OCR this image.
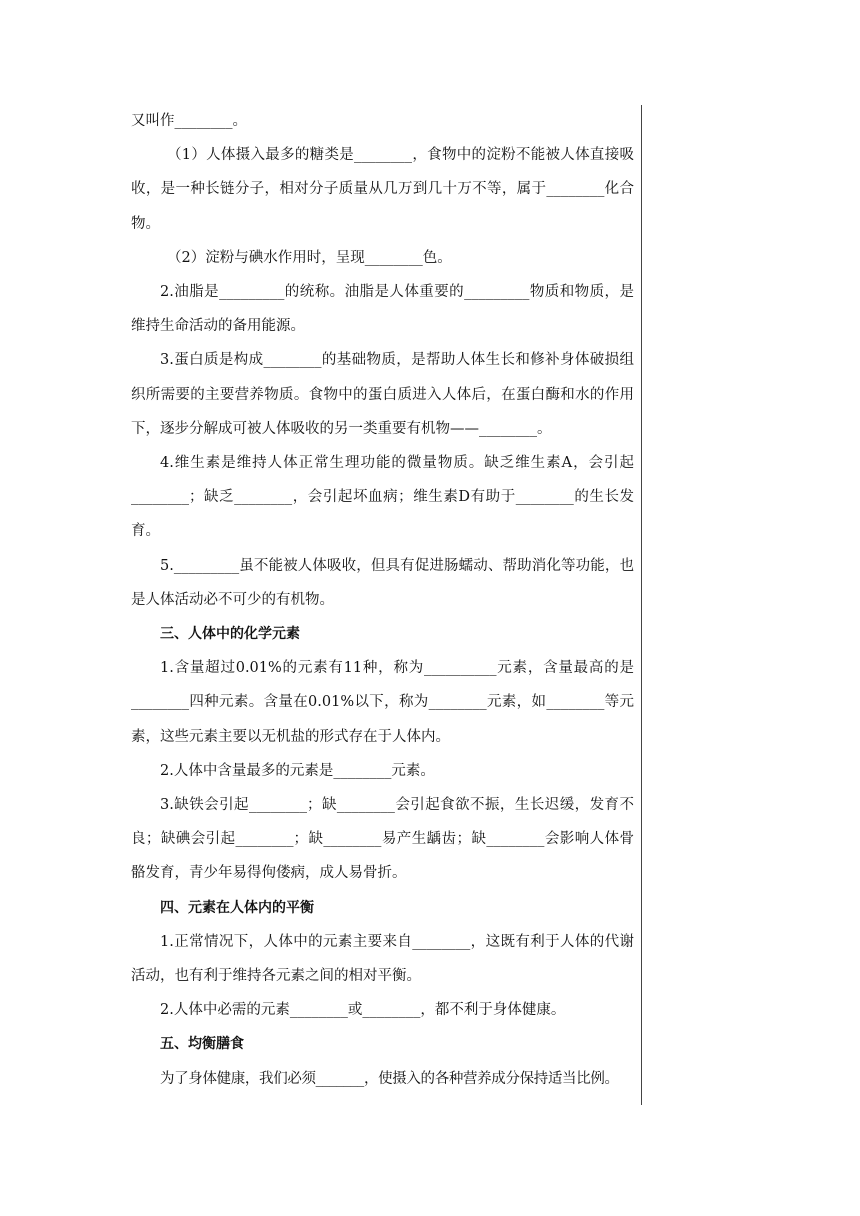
又叫作________。

（1）人体摄入最多的糖类是________，食物中的淀粉不能被人体直接吸收，是一种长链分子，相对分子质量从几万到几十万不等，属于________化合物。

（2）淀粉与碘水作用时，呈现________色。

2.油脂是_________的统称。油脂是人体重要的_________物质和物质，是维持生命活动的备用能源。

3.蛋白质是构成________的基础物质，是帮助人体生长和修补身体破损组织所需要的主要营养物质。食物中的蛋白质进入人体后，在蛋白酶和水的作用下，逐步分解成可被人体吸收的另一类重要有机物——________。

4.维生素是维持人体正常生理功能的微量物质。缺乏维生素A，会引起________；缺乏________，会引起坏血病；维生素D有助于________的生长发育。

5._________虽不能被人体吸收，但具有促进肠蠕动、帮助消化等功能，也是人体活动必不可少的有机物。

三、人体中的化学元素

1.含量超过0.01%的元素有11种，称为__________元素，含量最高的是________四种元素。含量在0.01%以下，称为________元素，如________等元素，这些元素主要以无机盐的形式存在于人体内。

2.人体中含量最多的元素是________元素。

3.缺铁会引起________；缺________会引起食欲不振，生长迟缓，发育不良；缺碘会引起________；缺________易产生龋齿；缺________会影响人体骨骼发育，青少年易得佝偻病，成人易骨折。

四、元素在人体内的平衡

1.正常情况下，人体中的元素主要来自________，这既有利于人体的代谢活动，也有利于维持各元素之间的相对平衡。

2.人体中必需的元素________或________，都不利于身体健康。

五、均衡膳食

为了身体健康，我们必须_______，使摄入的各种营养成分保持适当比例。
